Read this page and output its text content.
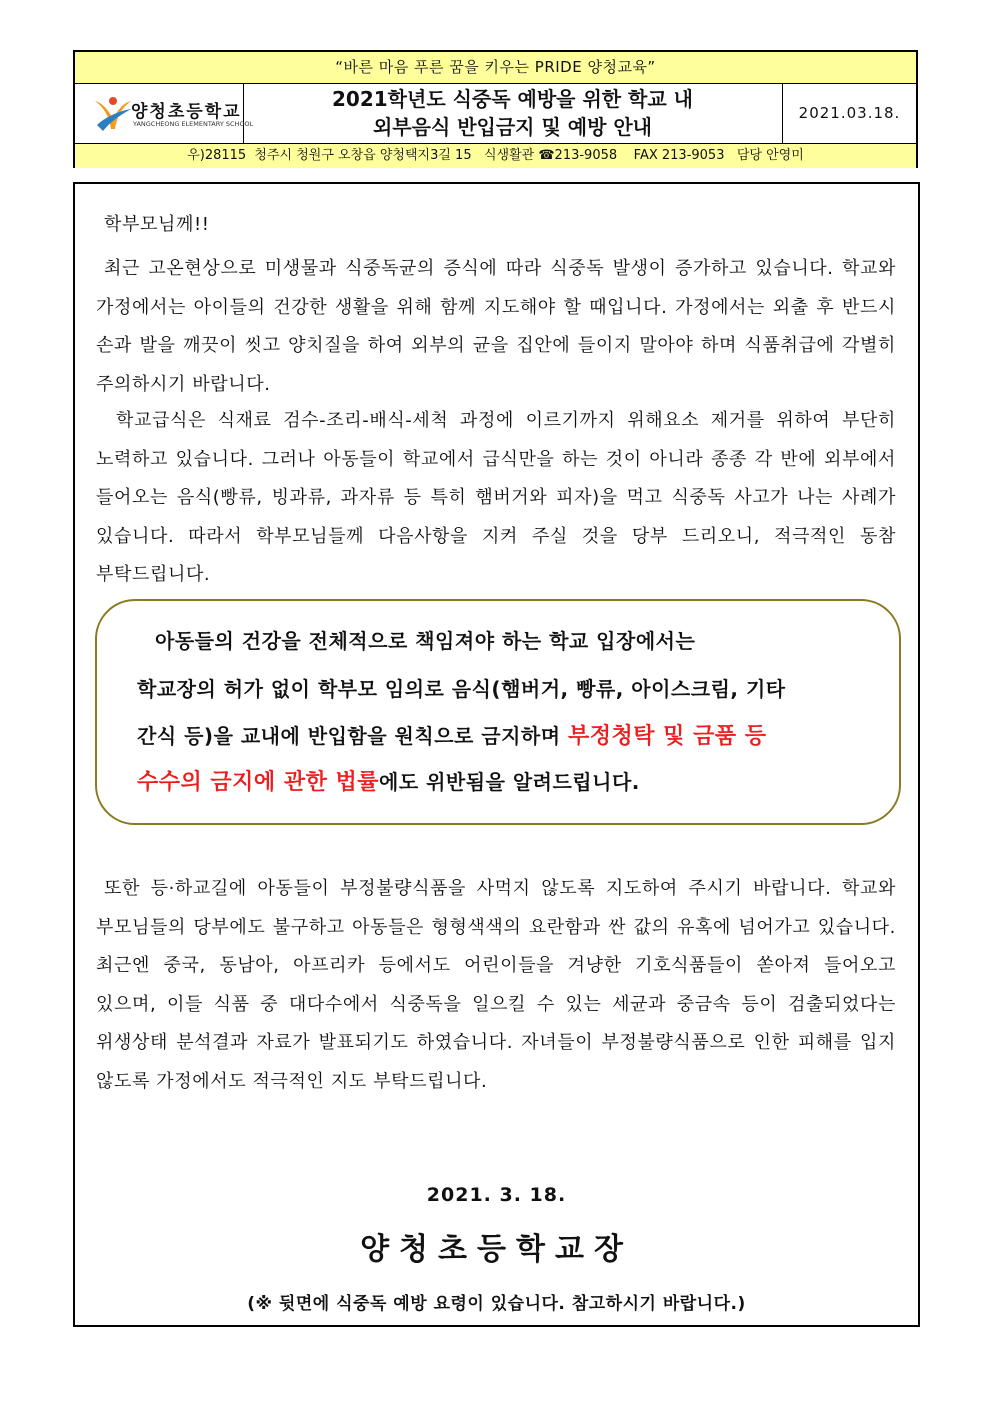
“바른 마음 푸른 꿈을 키우는 PRIDE 양청교육”
양청초등학교
YANGCHEONG ELEMENTARY SCHOOL
2021학년도 식중독 예방을 위한 학교 내
외부음식 반입금지 및 예방 안내
2021.03.18.
우)28115  청주시 청원구 오창읍 양청택지3길 15   식생활관 ☎213-9058    FAX 213-9053   담당 안영미
학부모님께!!
최근 고온현상으로 미생물과 식중독균의 증식에 따라 식중독 발생이 증가하고 있습니다. 학교와 가정에서는 아이들의 건강한 생활을 위해 함께 지도해야 할 때입니다. 가정에서는 외출 후 반드시 손과 발을 깨끗이 씻고 양치질을 하여 외부의 균을 집안에 들이지 말아야 하며 식품취급에 각별히 주의하시기 바랍니다.
학교급식은 식재료 검수-조리-배식-세척 과정에 이르기까지 위해요소 제거를 위하여 부단히 노력하고 있습니다. 그러나 아동들이 학교에서 급식만을 하는 것이 아니라 종종 각 반에 외부에서 들어오는 음식(빵류, 빙과류, 과자류 등 특히 햄버거와 피자)을 먹고 식중독 사고가 나는 사례가 있습니다. 따라서 학부모님들께 다음사항을 지켜 주실 것을 당부 드리오니, 적극적인 동참 부탁드립니다.
아동들의 건강을 전체적으로 책임져야 하는 학교 입장에서는
학교장의 허가 없이 학부모 임의로 음식(햄버거, 빵류, 아이스크림, 기타
간식 등)을 교내에 반입함을 원칙으로 금지하며 부정청탁 및 금품 등
수수의 금지에 관한 법률에도 위반됨을 알려드립니다.
또한 등·하교길에 아동들이 부정불량식품을 사먹지 않도록 지도하여 주시기 바랍니다. 학교와 부모님들의 당부에도 불구하고 아동들은 형형색색의 요란함과 싼 값의 유혹에 넘어가고 있습니다. 최근엔 중국, 동남아, 아프리카 등에서도 어린이들을 겨냥한 기호식품들이 쏟아져 들어오고 있으며, 이들 식품 중 대다수에서 식중독을 일으킬 수 있는 세균과 중금속 등이 검출되었다는 위생상태 분석결과 자료가 발표되기도 하였습니다. 자녀들이 부정불량식품으로 인한 피해를 입지 않도록 가정에서도 적극적인 지도 부탁드립니다.
2021. 3. 18.
양청초등학교장
(※ 뒷면에 식중독 예방 요령이 있습니다. 참고하시기 바랍니다.)
